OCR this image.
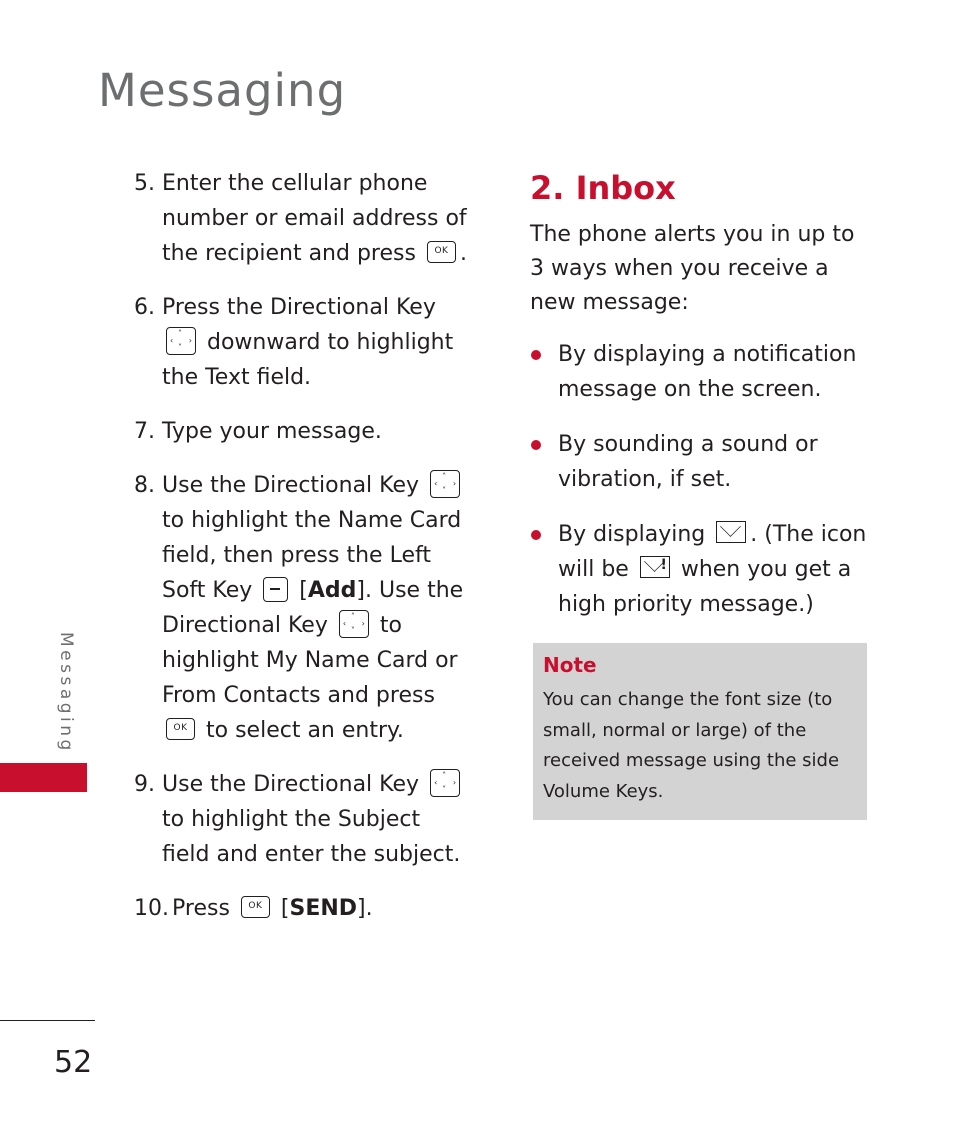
Messaging
Messaging
52
5. Enter the cellular phone number or email address of the recipient and press OK .
6. Press the Directional Key
˄
˅
‹ › downward to highlight the Text field.
7. Type your message.
8. Use the Directional Key	˄
˅
‹ ›
to highlight the Name Card field, then press the Left Soft Key [Add]. Use the Directional Key	˄
˅
‹ › to highlight My Name Card or From Contacts and press OK to select an entry.
9. Use the Directional Key	˄
˅
‹ ›
to highlight the Subject field and enter the subject.
10. Press OK [SEND].
2. Inbox
The phone alerts you in up to 3 ways when you receive a new message:
By displaying a notification message on the screen.
By sounding a sound or vibration, if set.
By displaying . (The icon will be ! when you get a high priority message.)
Note
You can change the font size (to small, normal or large) of the received message using the side Volume Keys.
